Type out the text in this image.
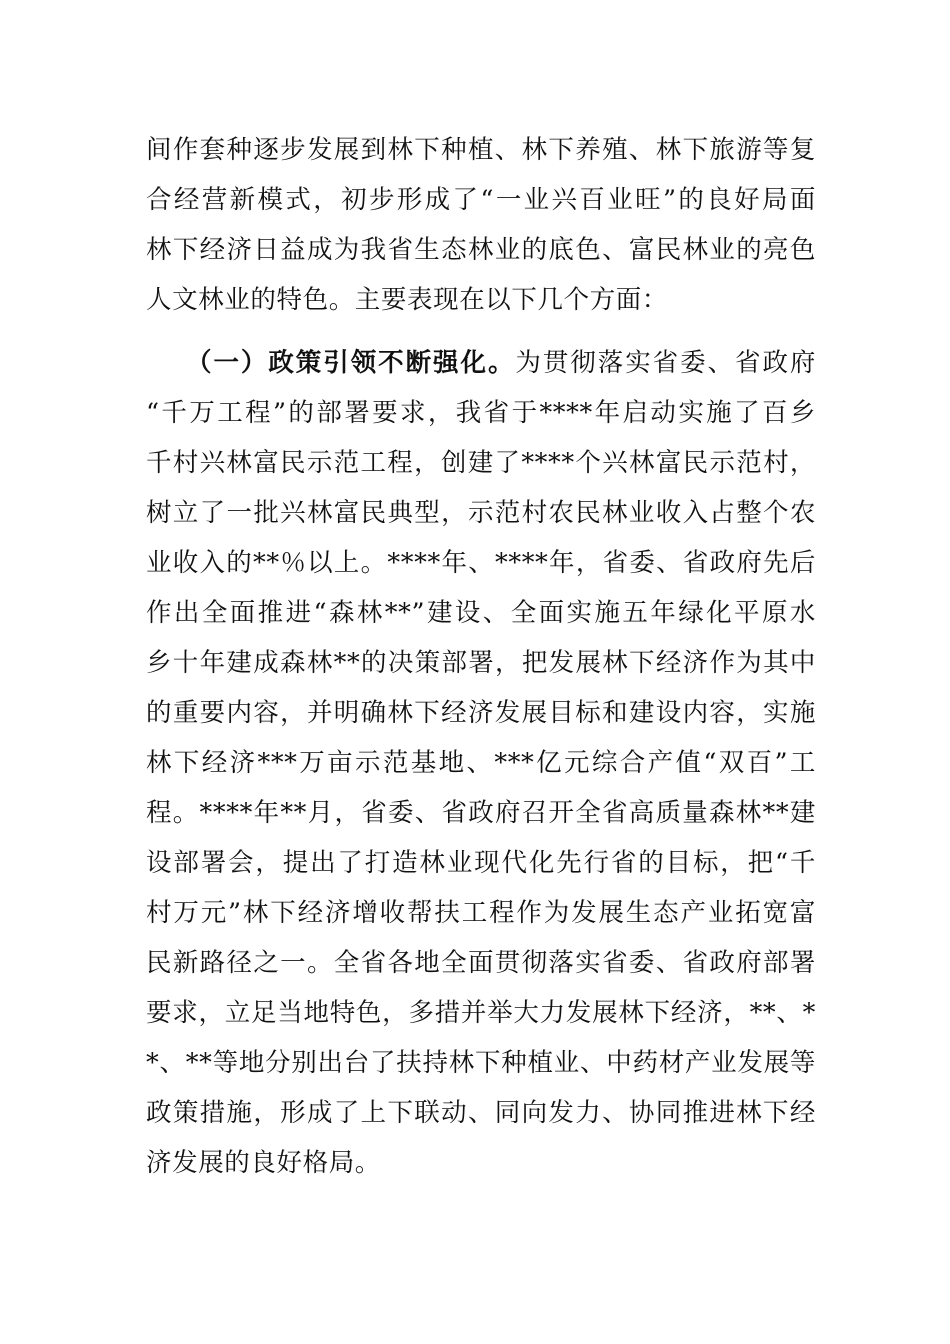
间作套种逐步发展到林下种植、林下养殖、林下旅游等复
合经营新模式，初步形成了“一业兴百业旺”的良好局面
林下经济日益成为我省生态林业的底色、富民林业的亮色
人文林业的特色。主要表现在以下几个方面：
（一）政策引领不断强化。为贯彻落实省委、省政府
“千万工程”的部署要求，我省于****年启动实施了百乡
千村兴林富民示范工程，创建了****个兴林富民示范村，
树立了一批兴林富民典型，示范村农民林业收入占整个农
业收入的**％以上。****年、****年，省委、省政府先后
作出全面推进“森林**”建设、全面实施五年绿化平原水
乡十年建成森林**的决策部署，把发展林下经济作为其中
的重要内容，并明确林下经济发展目标和建设内容，实施
林下经济***万亩示范基地、***亿元综合产值“双百”工
程。****年**月，省委、省政府召开全省高质量森林**建
设部署会，提出了打造林业现代化先行省的目标，把“千
村万元”林下经济增收帮扶工程作为发展生态产业拓宽富
民新路径之一。全省各地全面贯彻落实省委、省政府部署
要求，立足当地特色，多措并举大力发展林下经济，**、*
*、**等地分别出台了扶持林下种植业、中药材产业发展等
政策措施，形成了上下联动、同向发力、协同推进林下经
济发展的良好格局。
